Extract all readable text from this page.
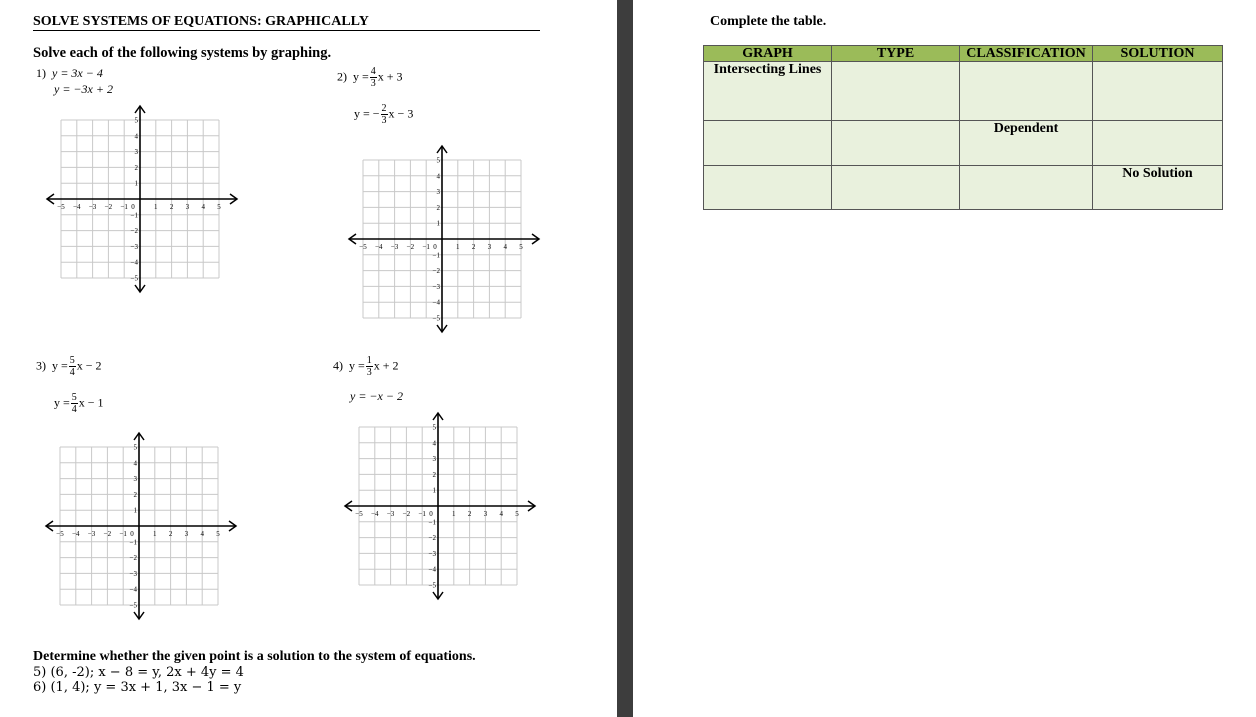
SOLVE SYSTEMS OF EQUATIONS: GRAPHICALLY
Solve each of the following systems by graphing.
1) y = 3x − 4
y = −3x + 2
2) $y = \frac{4}{3}$ x + 3
y = − $\frac{2}{3}$ x − 3
3) $y = \frac{5}{4}$ x − 2
$y = \frac{5}{4}$ x − 1
4) $y = \frac{1}{3}$ x + 2
y = −x − 2
−5 −4 −3 −2 −1 0	1 2 3 4 5
−5
−4
−3
−2
−1
1
2
3
4
5
−5 −4 −3 −2 −1 0	1 2 3 4 5
−5
−4
−3
−2
−1
1
2
3
4
5
−5 −4 −3 −2 −1 0	1 2 3 4 5
−5
−4
−3
−2
−1
1
2
3
4
5
−5 −4 −3 −2 −1 0	1 2 3 4 5
−5
−4
−3
−2
−1
1
2
3
4
5
Determine whether the given point is a solution to the system of equations.
5) (6, -2); x − 8 = y, 2x + 4y = 4
6) (1, 4); y = 3x + 1, 3x − 1 = y
Complete the table.
GRAPH	TYPE	CLASSIFICATION	SOLUTION
Intersecting Lines			
		Dependent	
			No Solution
